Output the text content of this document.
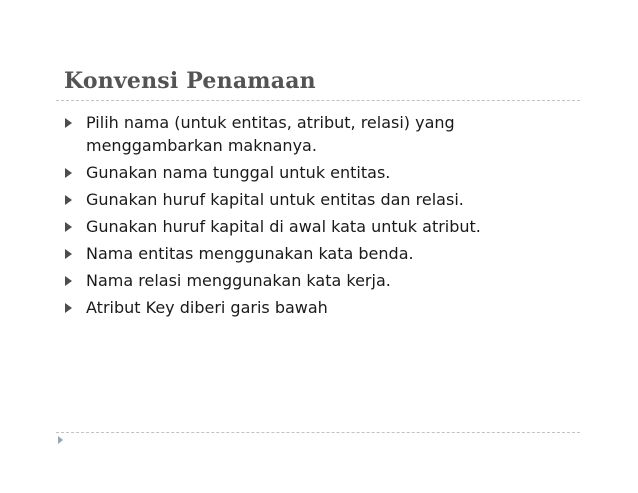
Konvensi Penamaan
Pilih nama (untuk entitas, atribut, relasi) yang menggambarkan maknanya.
Gunakan nama tunggal untuk entitas.
Gunakan huruf kapital untuk entitas dan relasi.
Gunakan huruf kapital di awal kata untuk atribut.
Nama entitas menggunakan kata benda.
Nama relasi menggunakan kata kerja.
Atribut Key diberi garis bawah
